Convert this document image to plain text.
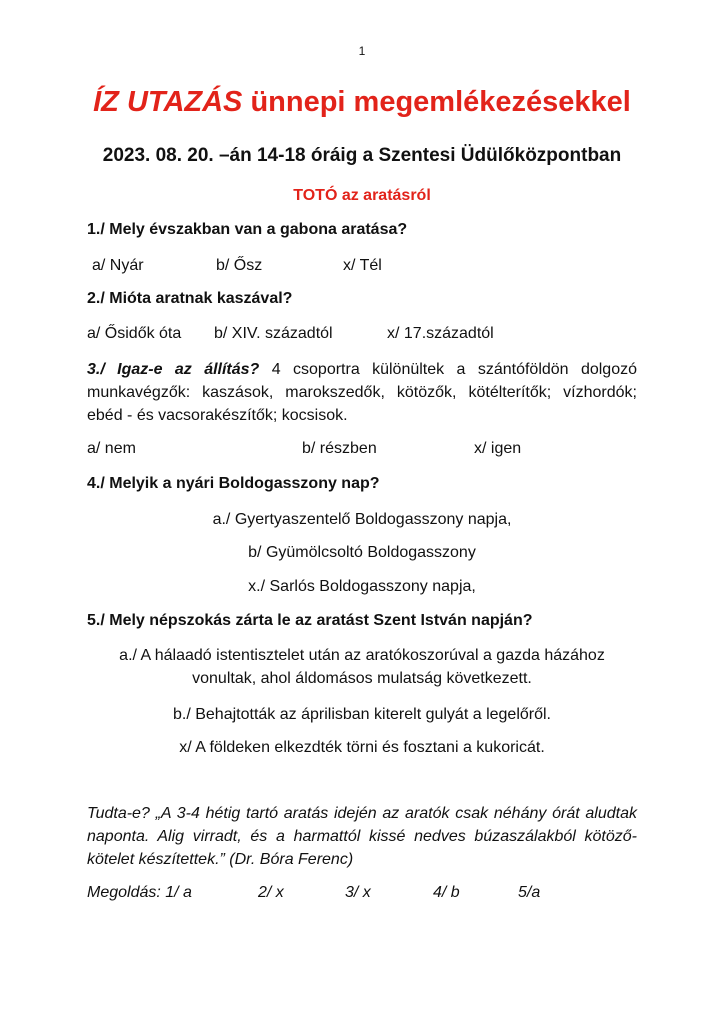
1
ÍZ UTAZÁS ünnepi megemlékezésekkel
2023. 08. 20. –án 14-18 óráig a Szentesi Üdülőközpontban
TOTÓ az aratásról
1./ Mely évszakban van a gabona aratása?
a/ Nyár	b/ Ősz	x/ Tél
2./ Mióta aratnak kaszával?
a/ Ősidők óta b/ XIV. századtól	x/ 17.századtól
3./ Igaz-e az állítás? 4 csoportra különültek a szántóföldön dolgozó munkavégzők: kaszások, marokszedők, kötözők, kötélterítők; vízhordók; ebéd - és vacsorakészítők; kocsisok.
a/ nem	b/ részben	x/ igen
4./ Melyik a nyári Boldogasszony nap?
a./ Gyertyaszentelő Boldogasszony napja,
b/ Gyümölcsoltó Boldogasszony
x./ Sarlós Boldogasszony napja,
5./ Mely népszokás zárta le az aratást Szent István napján?
a./ A hálaadó istentisztelet után az aratókoszorúval a gazda házához
vonultak, ahol áldomásos mulatság következett.
b./ Behajtották az áprilisban kiterelt gulyát a legelőről.
x/ A földeken elkezdték törni és fosztani a kukoricát.
Tudta-e? „A 3-4 hétig tartó aratás idején az aratók csak néhány órát aludtak naponta. Alig virradt, és a harmattól kissé nedves búzaszálakból kötöző-kötelet készítettek.” (Dr. Bóra Ferenc)
Megoldás: 1/ a	2/ x	3/ x	4/ b	5/a
